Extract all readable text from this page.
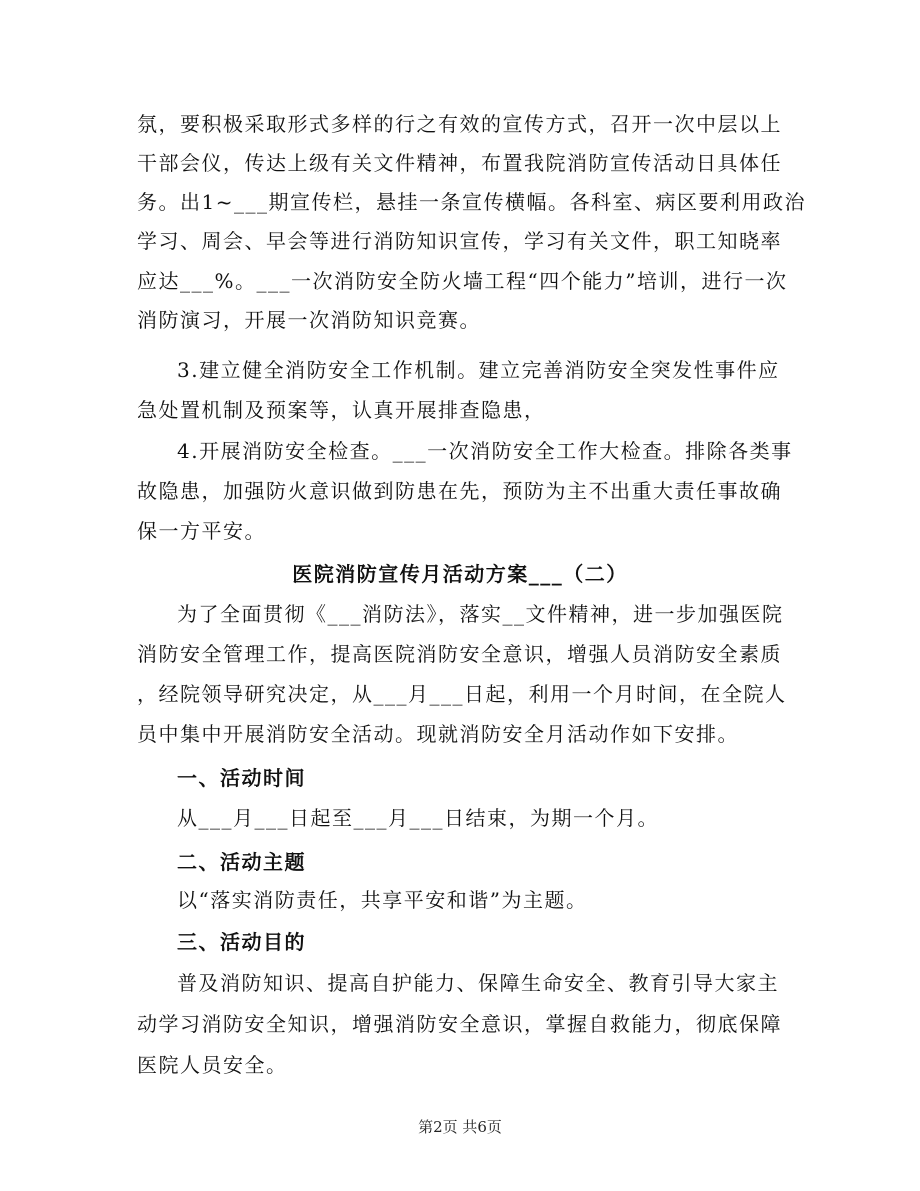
氛，要积极采取形式多样的行之有效的宣传方式，召开一次中层以上
干部会仪，传达上级有关文件精神，布置我院消防宣传活动日具体任
务。出1~___期宣传栏，悬挂一条宣传横幅。各科室、病区要利用政治
学习、周会、早会等进行消防知识宣传，学习有关文件，职工知晓率
应达___%。___一次消防安全防火墙工程“四个能力”培训，进行一次
消防演习，开展一次消防知识竞赛。
3.建立健全消防安全工作机制。建立完善消防安全突发性事件应
急处置机制及预案等，认真开展排查隐患，
4.开展消防安全检查。___一次消防安全工作大检查。排除各类事
故隐患，加强防火意识做到防患在先，预防为主不出重大责任事故确
保一方平安。
医院消防宣传月活动方案___（二）
为了全面贯彻《___消防法》，落实__文件精神，进一步加强医院
消防安全管理工作，提高医院消防安全意识，增强人员消防安全素质
，经院领导研究决定，从___月___日起，利用一个月时间，在全院人
员中集中开展消防安全活动。现就消防安全月活动作如下安排。
一、活动时间
从___月___日起至___月___日结束，为期一个月。
二、活动主题
以“落实消防责任，共享平安和谐”为主题。
三、活动目的
普及消防知识、提高自护能力、保障生命安全、教育引导大家主
动学习消防安全知识，增强消防安全意识，掌握自救能力，彻底保障
医院人员安全。
第2页 共6页
